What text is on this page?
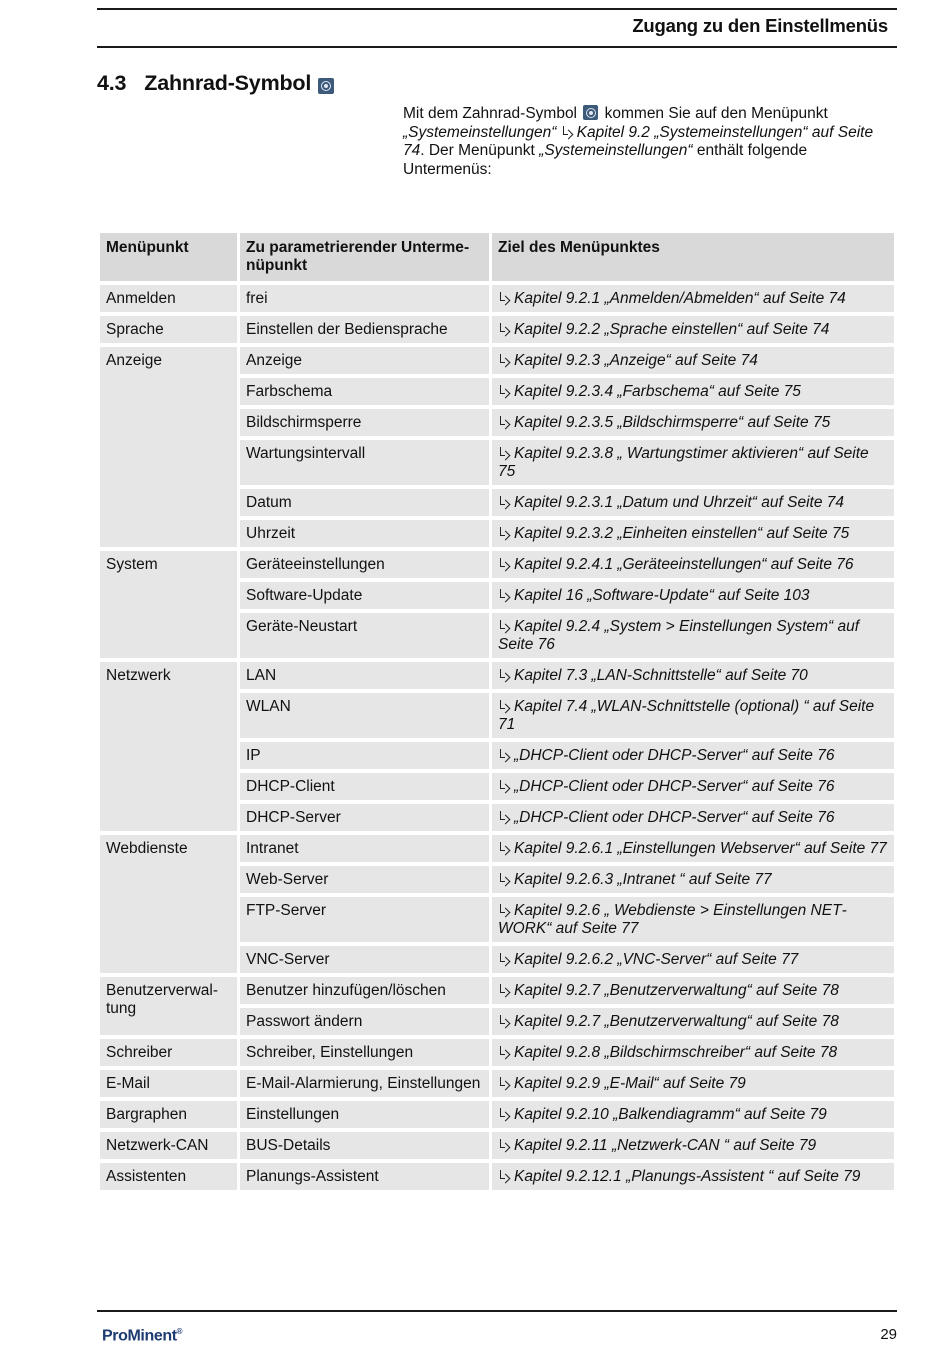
Zugang zu den Einstellmenüs
4.3 Zahnrad-Symbol

Mit dem Zahnrad-Symbol  kommen Sie auf den Menüpunkt „Systemeinstellungen“ Kapitel 9.2 „Systemeinstellungen“ auf Seite 74. Der Menüpunkt „Systemeinstellungen“ enthält folgende Untermenüs:

Menüpunkt	Zu parametrierender Untermenüpunkt	Ziel des Menüpunktes
Anmelden	frei	Kapitel 9.2.1 „Anmelden/Abmelden“ auf Seite 74
Sprache	Einstellen der Bediensprache	Kapitel 9.2.2 „Sprache einstellen“ auf Seite 74
Anzeige	Anzeige	Kapitel 9.2.3 „Anzeige“ auf Seite 74
	Farbschema	Kapitel 9.2.3.4 „Farbschema“ auf Seite 75
	Bildschirmsperre	Kapitel 9.2.3.5 „Bildschirmsperre“ auf Seite 75
	Wartungsintervall	Kapitel 9.2.3.8 „ Wartungstimer aktivieren“ auf Seite 75
	Datum	Kapitel 9.2.3.1 „Datum und Uhrzeit“ auf Seite 74
	Uhrzeit	Kapitel 9.2.3.2 „Einheiten einstellen“ auf Seite 75
System	Geräteeinstellungen	Kapitel 9.2.4.1 „Geräteeinstellungen“ auf Seite 76
	Software-Update	Kapitel 16 „Software-Update“ auf Seite 103
	Geräte-Neustart	Kapitel 9.2.4 „System > Einstellungen System“ auf Seite 76
Netzwerk	LAN	Kapitel 7.3 „LAN-Schnittstelle“ auf Seite 70
	WLAN	Kapitel 7.4 „WLAN-Schnittstelle (optional) “ auf Seite 71
	IP	„DHCP-Client oder DHCP-Server“ auf Seite 76
	DHCP-Client	„DHCP-Client oder DHCP-Server“ auf Seite 76
	DHCP-Server	„DHCP-Client oder DHCP-Server“ auf Seite 76
Webdienste	Intranet	Kapitel 9.2.6.1 „Einstellungen Webserver“ auf Seite 77
	Web-Server	Kapitel 9.2.6.3 „Intranet “ auf Seite 77
	FTP-Server	Kapitel 9.2.6 „ Webdienste > Einstellungen NETWORK“ auf Seite 77
	VNC-Server	Kapitel 9.2.6.2 „VNC-Server“ auf Seite 77
Benutzerverwaltung	Benutzer hinzufügen/löschen	Kapitel 9.2.7 „Benutzerverwaltung“ auf Seite 78
	Passwort ändern	Kapitel 9.2.7 „Benutzerverwaltung“ auf Seite 78
Schreiber	Schreiber, Einstellungen	Kapitel 9.2.8 „Bildschirmschreiber“ auf Seite 78
E-Mail	E-Mail-Alarmierung, Einstellungen	Kapitel 9.2.9 „E-Mail“ auf Seite 79
Bargraphen	Einstellungen	Kapitel 9.2.10 „Balkendiagramm“ auf Seite 79
Netzwerk-CAN	BUS-Details	Kapitel 9.2.11 „Netzwerk-CAN “ auf Seite 79
Assistenten	Planungs-Assistent	Kapitel 9.2.12.1 „Planungs-Assistent “ auf Seite 79
ProMinent®	29
